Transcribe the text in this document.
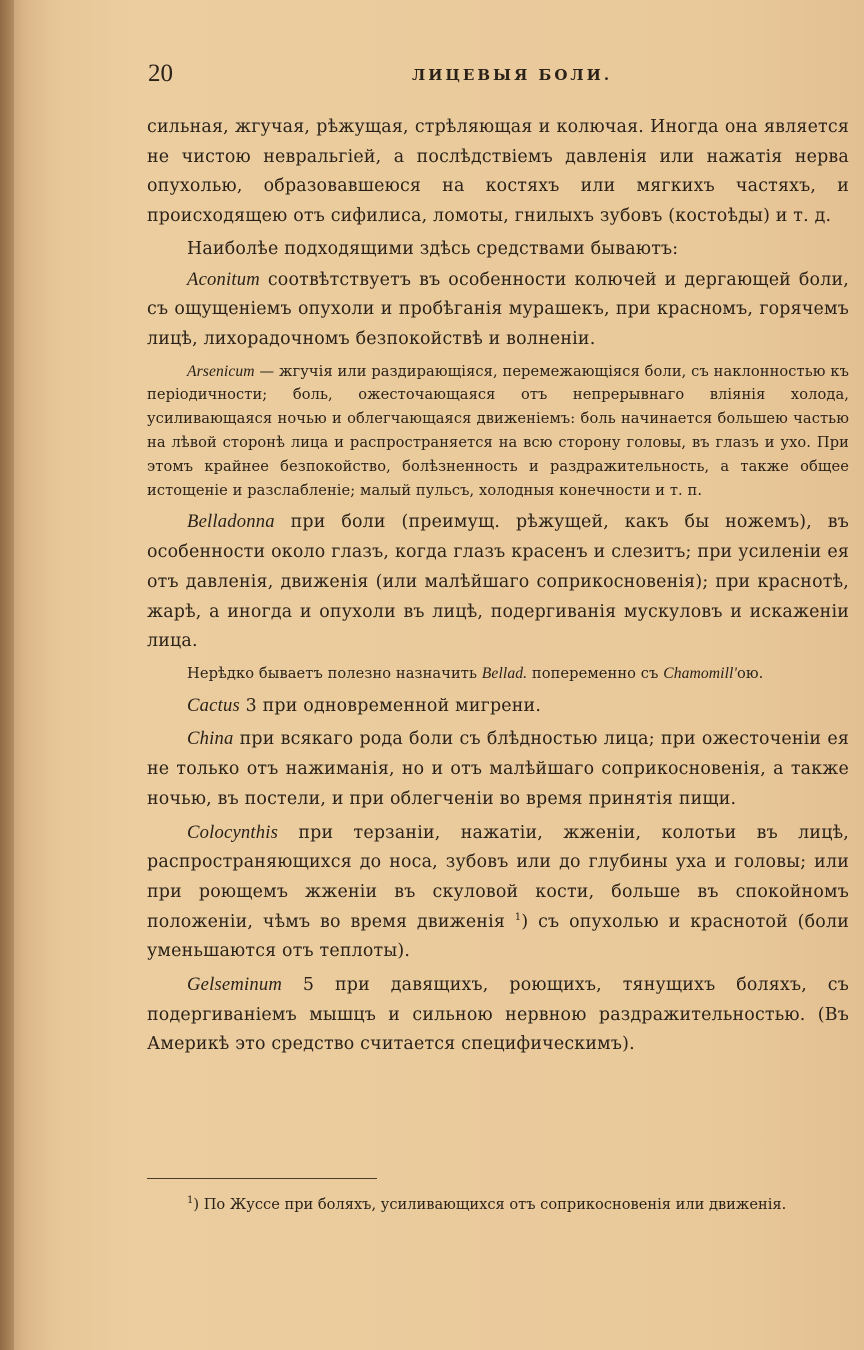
20	ЛИЦЕВЫЯ БОЛИ.

сильная, жгучая, рѣжущая, стрѣляющая и колючая. Иногда она является не чистою невральгiей, а послѣдствiемъ давленiя или нажатiя нерва опухолью, образовавшеюся на костяхъ или мягкихъ частяхъ, и происходящею отъ сифилиса, ломоты, гнилыхъ зубовъ (костоѣды) и т. д.

Наиболѣе подходящими здѣсь средствами бываютъ:

Aconitum соотвѣтствуетъ въ особенности колючей и дергающей боли, съ ощущенiемъ опухоли и пробѣганiя мурашекъ, при красномъ, горячемъ лицѣ, лихорадочномъ безпокойствѣ и волненiи.

Arsenicum — жгучiя или раздирающiяся, перемежающiяся боли, съ наклонностью къ перiодичности; боль, ожесточающаяся отъ непрерывнаго влiянiя холода, усиливающаяся ночью и облегчающаяся движенiемъ: боль начинается большею частью на лѣвой сторонѣ лица и распространяется на всю сторону головы, въ глазъ и ухо. При этомъ крайнее безпокойство, болѣзненность и раздражительность, а также общее истощенiе и разслабленiе; малый пульсъ, холодныя конечности и т. п.

Belladonna при боли (преимущ. рѣжущей, какъ бы ножемъ), въ особенности около глазъ, когда глазъ красенъ и слезитъ; при усиленiи ея отъ давленiя, движенiя (или малѣйшаго соприкосновенiя); при краснотѣ, жарѣ, а иногда и опухоли въ лицѣ, подергиванiя мускуловъ и искаженiи лица.

Нерѣдко бываетъ полезно назначить Bellad. попеременно съ Chamomill'ою.

Cactus 3 при одновременной мигрени.

China при всякаго рода боли съ блѣдностью лица; при ожесточенiи ея не только отъ нажиманiя, но и отъ малѣйшаго соприкосновенiя, а также ночью, въ постели, и при облегченiи во время принятiя пищи.

Colocynthis при терзанiи, нажатiи, жженiи, колотьи въ лицѣ, распространяющихся до носа, зубовъ или до глубины уха и головы; или при роющемъ жженiи въ скуловой кости, больше въ спокойномъ положенiи, чѣмъ во время движенiя $^1$) съ опухолью и краснотой (боли уменьшаются отъ теплоты).

Gelseminum 5 при давящихъ, роющихъ, тянущихъ боляхъ, съ подергиванiемъ мышцъ и сильною нервною раздражительностью. (Въ Америкѣ это средство считается специфическимъ).

$^1$) По Жуссе при боляхъ, усиливающихся отъ соприкосновенiя или движенiя.
